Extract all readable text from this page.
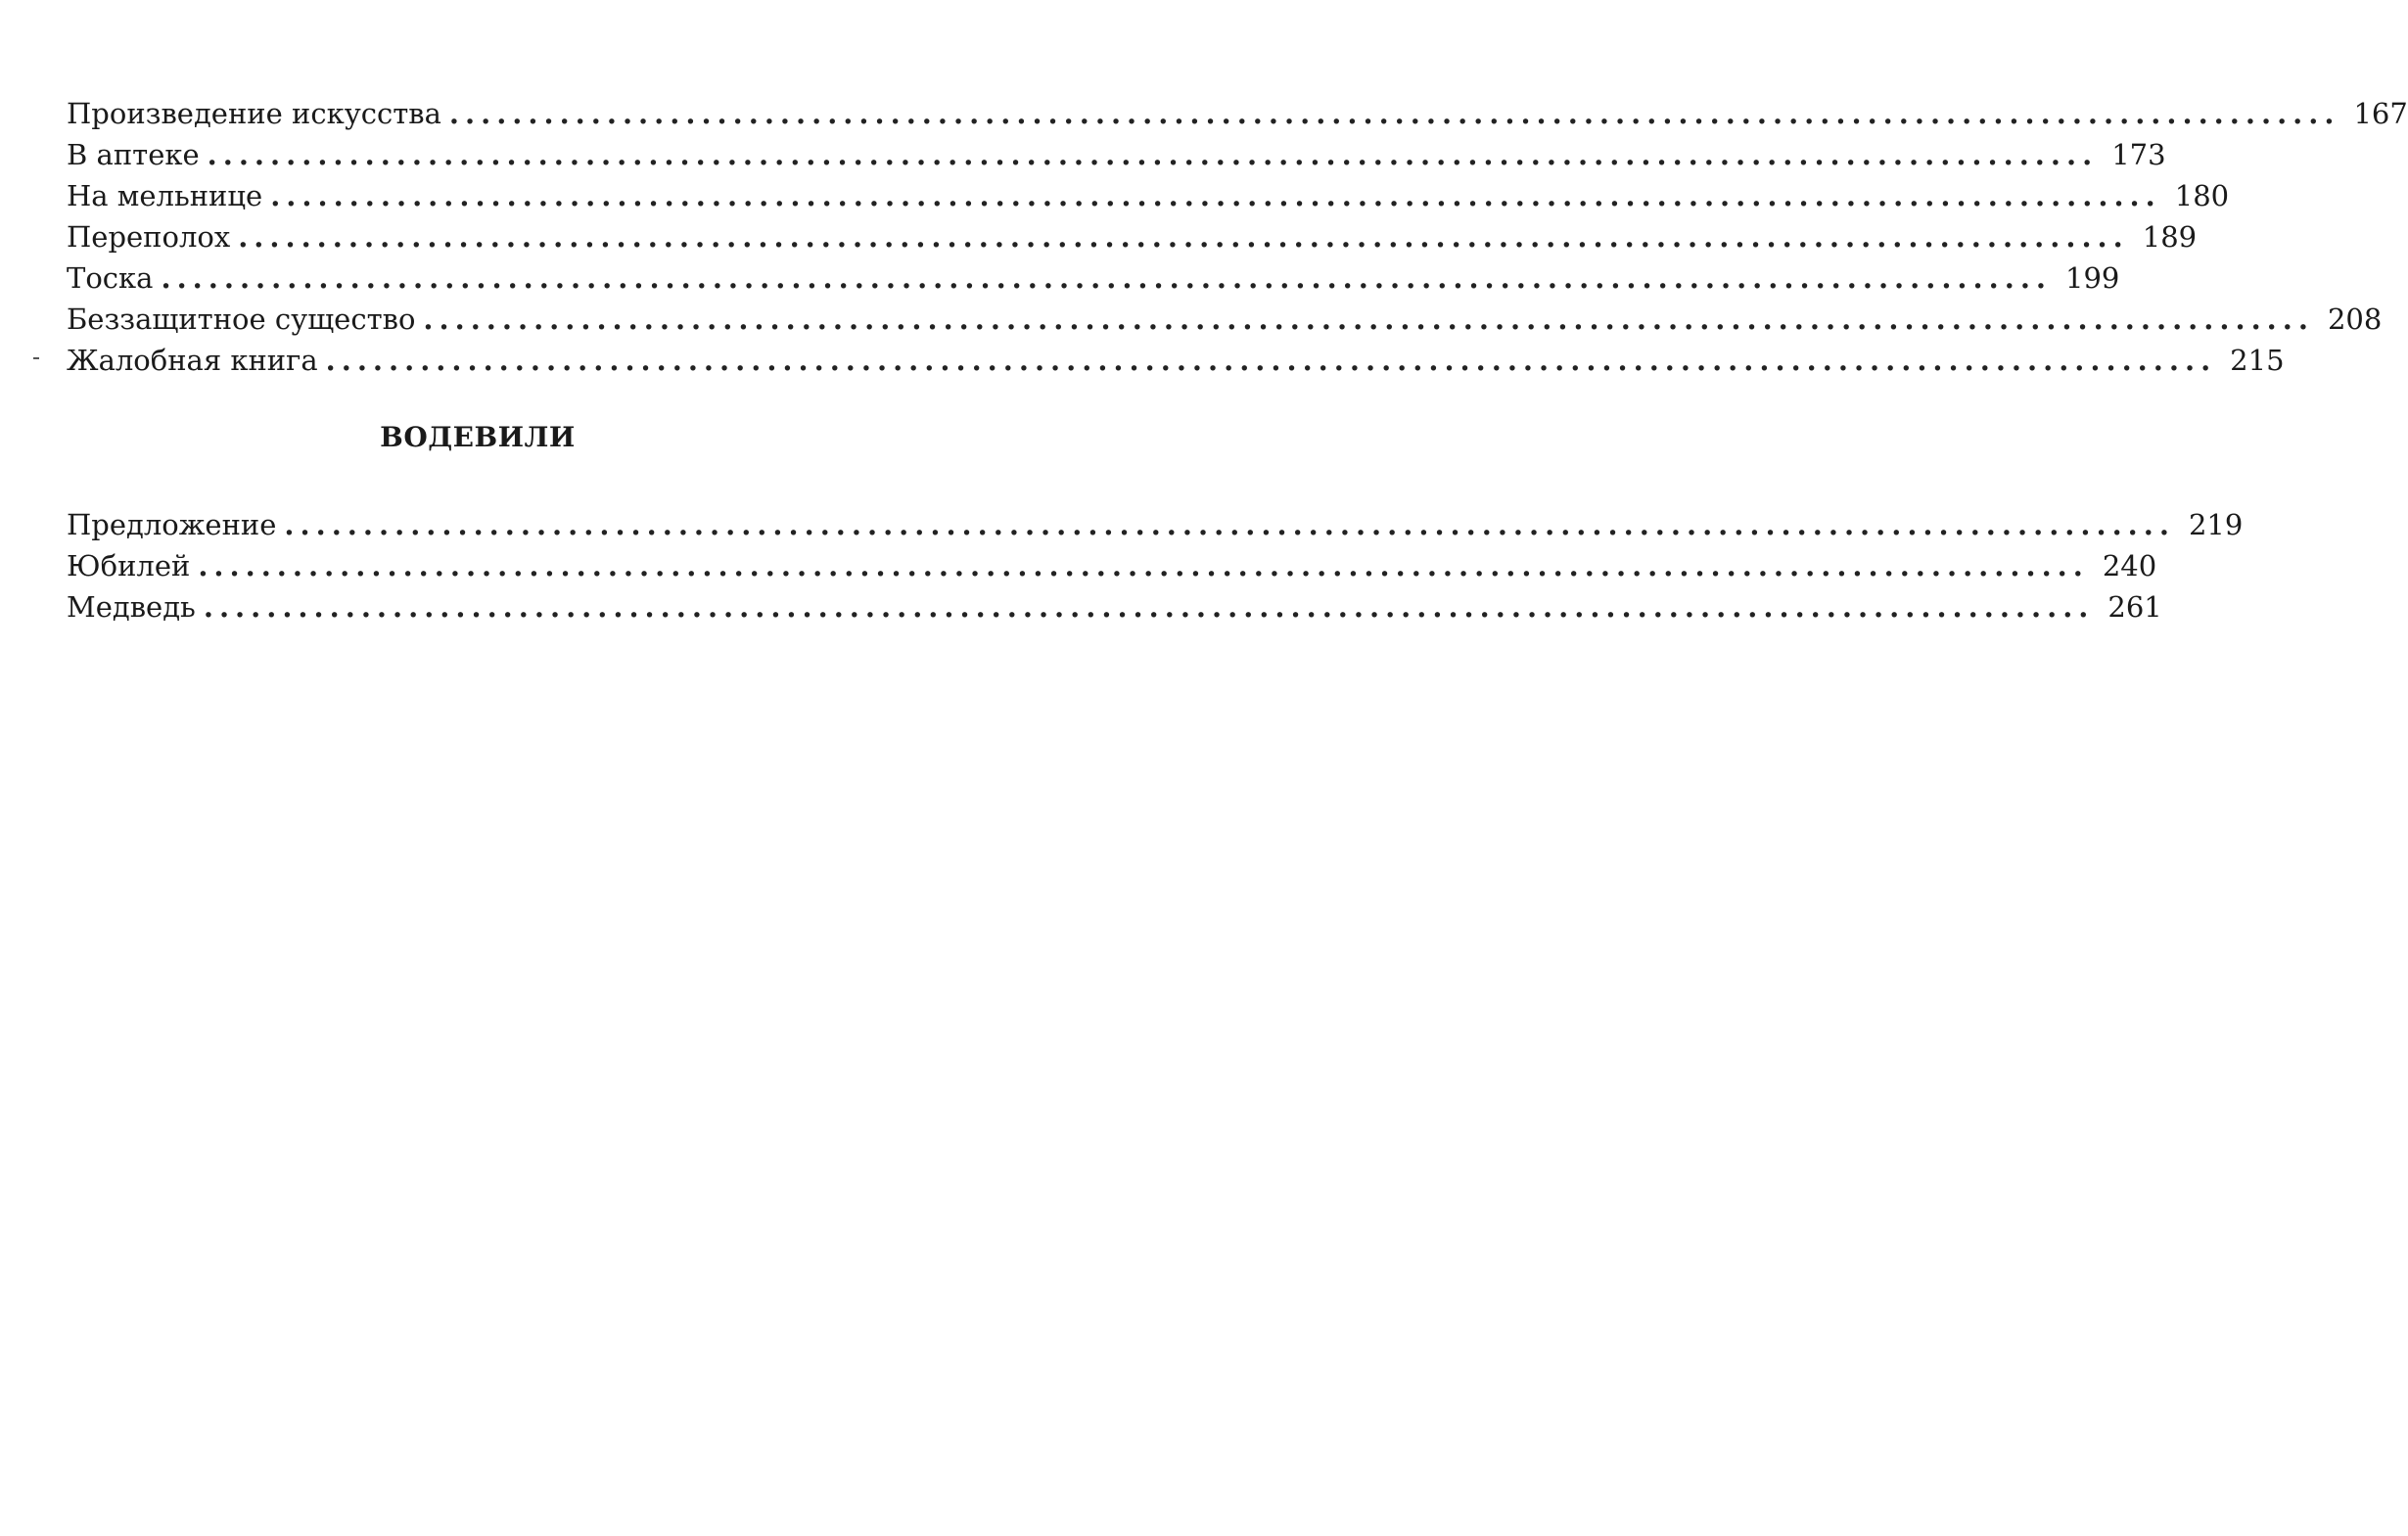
Произведение искусства ........................................................................................................................ 167
В аптеке ........................................................................................................................ 173
На мельнице ........................................................................................................................ 180
Переполох ........................................................................................................................ 189
Тоска ........................................................................................................................ 199
Беззащитное существо ........................................................................................................................ 208
Жалобная книга ........................................................................................................................ 215
ВОДЕВИЛИ
Предложение ........................................................................................................................ 219
Юбилей ........................................................................................................................ 240
Медведь ........................................................................................................................ 261
